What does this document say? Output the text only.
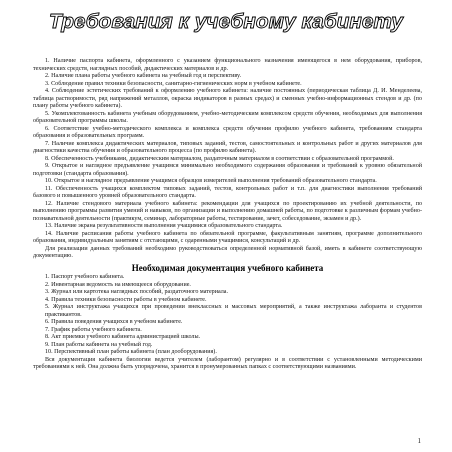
Требования к учебному кабинету

1. Наличие паспорта кабинета, оформленного с указанием функционального назначения имеющегося в нем оборудования, приборов, технических средств, наглядных пособий, дидактических материалов и др.

2. Наличие плана работы учебного кабинета на учебный год и перспективу.

3. Соблюдение правил техники безопасности, санитарно-гигиенических норм в учебном кабинете.

4. Соблюдение эстетических требований к оформлению учебного кабинета: наличие постоянных (периодическая таблица Д. И. Менделеева, таблица растворимости, ряд напряжений металлов, окраска индикаторов в разных средах) и сменных учебно-информационных стендов и др. (по плану работы учебного кабинета).

5. Укомплектованность кабинета учебным оборудованием, учебно-методическим комплексом средств обучения, необходимых для выполнения образовательной программы школы.

6. Соответствие учебно-методического комплекса и комплекса средств обучения профилю учебного кабинета, требованиям стандарта образования и образовательных программ.

7. Наличие комплекса дидактических материалов, типовых заданий, тестов, самостоятельных и контрольных работ и других материалов для диагностики качества обучения и образовательного процесса (по профилю кабинета).

8. Обеспеченность учебниками, дидактическим материалом, раздаточным материалом в соответствии с образовательной программой.

9. Открытое и наглядное предъявление учащимся минимально необходимого содержания образования и требований к уровню обязательной подготовки (стандарта образования).

10. Открытое и наглядное предъявление учащимся образцов измерителей выполнения требований образовательного стандарта.

11. Обеспеченность учащихся комплектом типовых заданий, тестов, контрольных работ и т.п. для диагностики выполнения требований базового и повышенного уровней образовательного стандарта.

12. Наличие стендового материала учебного кабинета: рекомендации для учащихся по проектированию их учебной деятельности, по выполнению программы развития умений и навыков, по организации и выполнению домашней работы, по подготовке к различным формам учебно-познавательной деятельности (практикум, семинар, лабораторные работы, тестирование, зачет, собеседование, экзамен и др.).

13. Наличие экрана результативности выполнения учащимися образовательного стандарта.

14. Наличие расписания работы учебного кабинета по обязательной программе, факультативным занятиям, программе дополнительного образования, индивидуальным занятиям с отстающими, с одаренными учащимися, консультаций и др.

Для реализации данных требований необходимо руководствоваться определенной нормативной базой, иметь в кабинете соответствующую документацию.

Необходимая документация учебного кабинета

1. Паспорт учебного кабинета.

2. Инвентарная ведомость на имеющееся оборудование.

3. Журнал или картотека наглядных пособий, раздаточного материала.

4. Правила техники безопасности работы в учебном кабинете.

5. Журнал инструктажа учащихся при проведении внеклассных и массовых мероприятий, а также инструктажа лаборанта и студентов практикантов.

6. Правила поведения учащихся в учебном кабинете.

7. График работы учебного кабинета.

8. Акт приемки учебного кабинета администрацией школы.

9. План работы кабинета на учебный год.

10. Перспективный план работы кабинета (план дооборудования).

Вся документация кабинета биологии ведется учителем (лаборантом) регулярно и в соответствии с установленными методическими требованиями к ней. Она должна быть упорядочена, хранится в пронумерованных папках с соответствующими названиями.

1
